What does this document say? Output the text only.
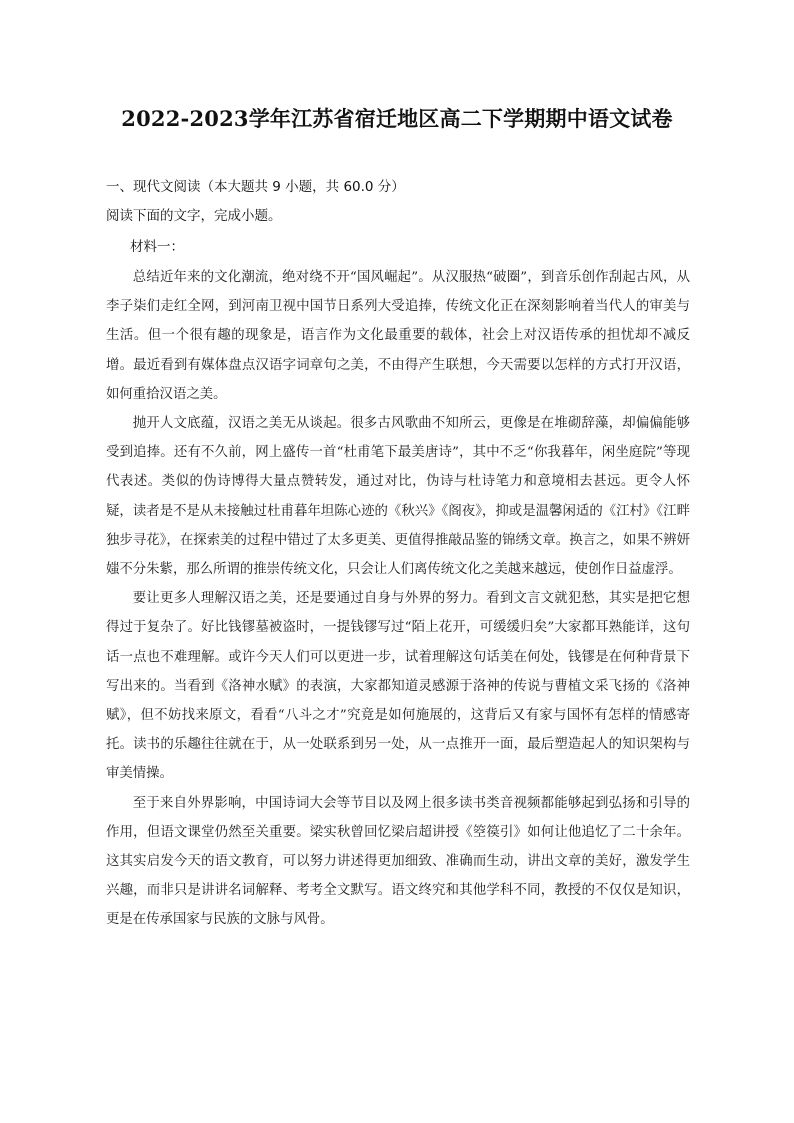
2022-2023学年江苏省宿迁地区高二下学期期中语文试卷
一、现代文阅读（本大题共 9 小题，共 60.0 分）
阅读下面的文字，完成小题。
材料一：

总结近年来的文化潮流，绝对绕不开“国风崛起”。从汉服热“破圈”，到音乐创作刮起古风，从李子柒们走红全网，到河南卫视中国节日系列大受追捧，传统文化正在深刻影响着当代人的审美与生活。但一个很有趣的现象是，语言作为文化最重要的载体，社会上对汉语传承的担忧却不减反增。最近看到有媒体盘点汉语字词章句之美，不由得产生联想，今天需要以怎样的方式打开汉语，如何重拾汉语之美。

抛开人文底蕴，汉语之美无从谈起。很多古风歌曲不知所云，更像是在堆砌辞藻，却偏偏能够受到追捧。还有不久前，网上盛传一首“杜甫笔下最美唐诗”，其中不乏“你我暮年，闲坐庭院”等现代表述。类似的伪诗博得大量点赞转发，通过对比，伪诗与杜诗笔力和意境相去甚远。更令人怀疑，读者是不是从未接触过杜甫暮年坦陈心迹的《秋兴》《阁夜》，抑或是温馨闲适的《江村》《江畔独步寻花》，在探索美的过程中错过了太多更美、更值得推敲品鉴的锦绣文章。换言之，如果不辨妍媸不分朱紫，那么所谓的推崇传统文化，只会让人们离传统文化之美越来越远，使创作日益虚浮。

要让更多人理解汉语之美，还是要通过自身与外界的努力。看到文言文就犯愁，其实是把它想得过于复杂了。好比钱镠墓被盗时，一提钱镠写过“陌上花开，可缓缓归矣”大家都耳熟能详，这句话一点也不难理解。或许今天人们可以更进一步，试着理解这句话美在何处，钱镠是在何种背景下写出来的。当看到《洛神水赋》的表演，大家都知道灵感源于洛神的传说与曹植文采飞扬的《洛神赋》，但不妨找来原文，看看“八斗之才”究竟是如何施展的，这背后又有家与国怀有怎样的情感寄托。读书的乐趣往往就在于，从一处联系到另一处，从一点推开一面，最后塑造起人的知识架构与审美情操。

至于来自外界影响，中国诗词大会等节目以及网上很多读书类音视频都能够起到弘扬和引导的作用，但语文课堂仍然至关重要。梁实秋曾回忆梁启超讲授《箜篌引》如何让他追忆了二十余年。这其实启发今天的语文教育，可以努力讲述得更加细致、准确而生动，讲出文章的美好，激发学生兴趣，而非只是讲讲名词解释、考考全文默写。语文终究和其他学科不同，教授的不仅仅是知识，更是在传承国家与民族的文脉与风骨。
